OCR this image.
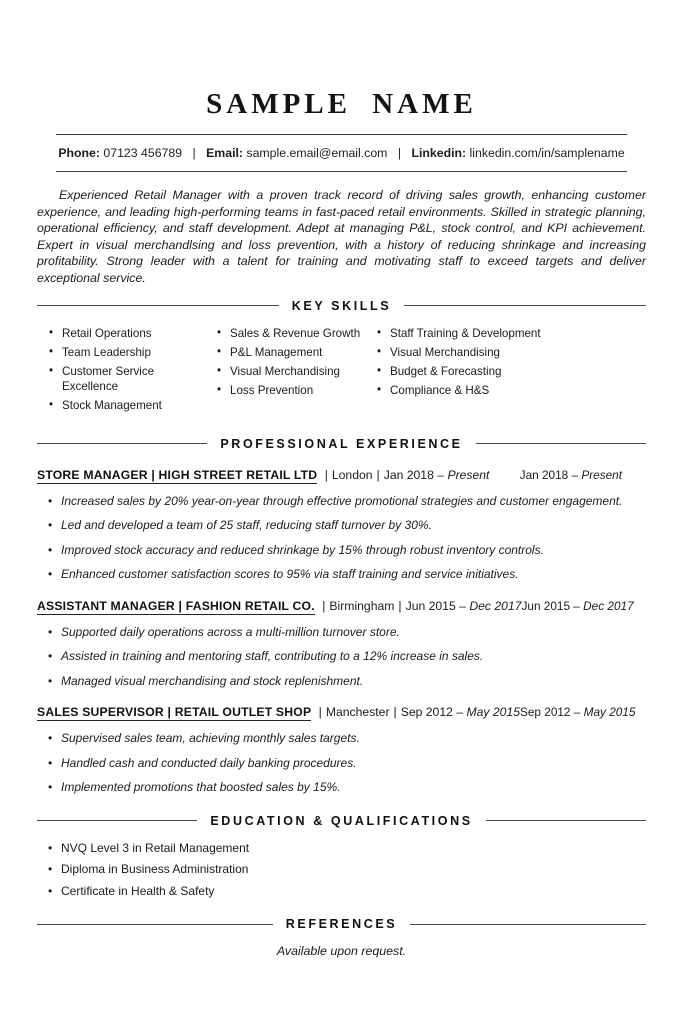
SAMPLE NAME
Phone: 07123 456789 | Email: sample.email@email.com | Linkedin: linkedin.com/in/samplename

Experienced Retail Manager with a proven track record of driving sales growth, enhancing customer experience, and leading high-performing teams in fast-paced retail environments. Skilled in strategic planning, operational efficiency, and staff development. Adept at managing P&L, stock control, and KPI achievement. Expert in visual merchandlsing and loss prevention, with a history of reducing shrinkage and increasing profitability. Strong leader with a talent for training and motivating staff to exceed targets and deliver exceptional service.

KEY SKILLS
• Retail Operations
• Team Leadership
• Customer Service Excellence
• Stock Management
• Sales & Revenue Growth
• P&L Management
• Visual Merchandising
• Loss Prevention
• Staff Training & Development
• Visual Merchandising
• Budget & Forecasting
• Compliance & H&S
PROFESSIONAL EXPERIENCE
STORE MANAGER | HIGH STREET RETAIL LTD | London | Jan 2018 – Present	Jan 2018 – Present
• Increased sales by 20% year-on-year through effective promotional strategies and customer engagement.
• Led and developed a team of 25 staff, reducing staff turnover by 30%.
• Improved stock accuracy and reduced shrinkage by 15% through robust inventory controls.
• Enhanced customer satisfaction scores to 95% via staff training and service initiatives.
ASSISTANT MANAGER | FASHION RETAIL CO. | Birmingham | Jun 2015 – Dec 2017 Jun 2015 – Dec 2017
• Supported daily operations across a multi-million turnover store.
• Assisted in training and mentoring staff, contributing to a 12% increase in sales.
• Managed visual merchandising and stock replenishment.
SALES SUPERVISOR | RETAIL OUTLET SHOP | Manchester | Sep 2012 – May 2015 Sep 2012 – May 2015
• Supervised sales team, achieving monthly sales targets.
• Handled cash and conducted daily banking procedures.
• Implemented promotions that boosted sales by 15%.
EDUCATION & QUALIFICATIONS
• NVQ Level 3 in Retail Management
• Diploma in Business Administration
• Certificate in Health & Safety
REFERENCES
Available upon request.
